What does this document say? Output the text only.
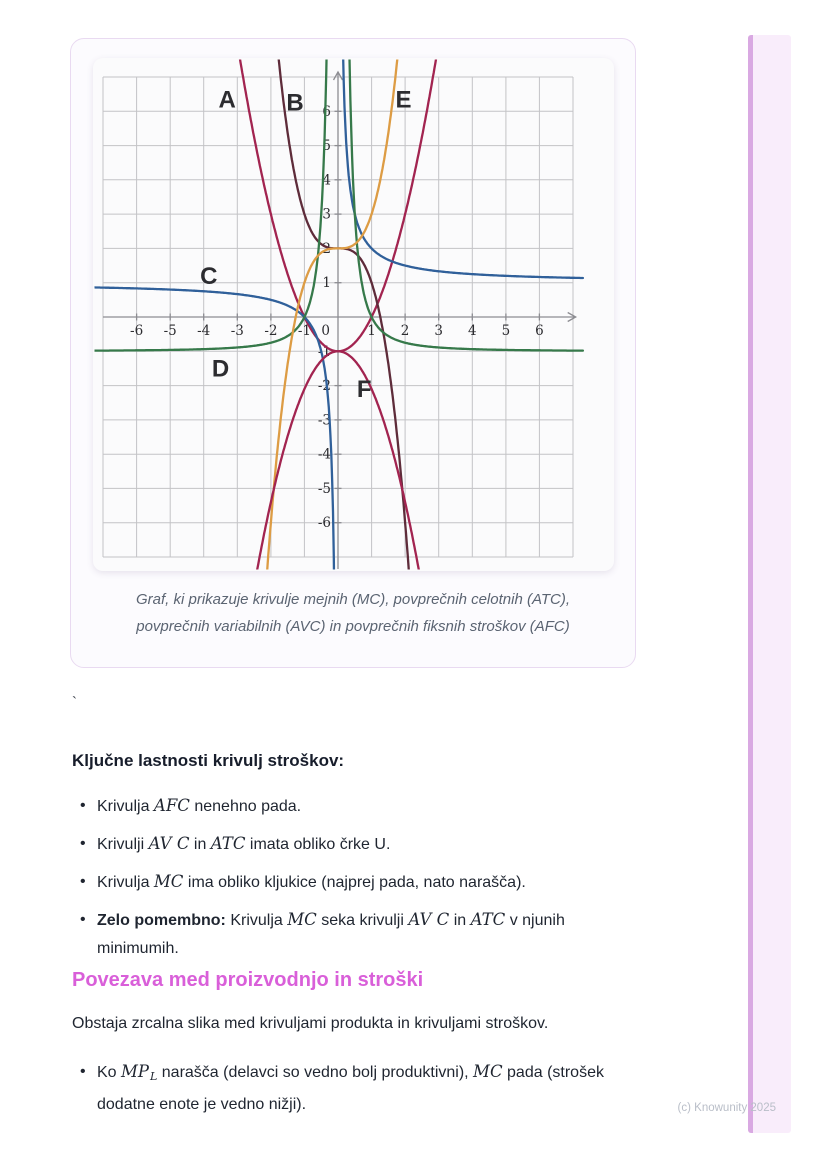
-6 -5 -4 -3 -2 -1	1 2 3 4 5 6
6
5
4
3
2
1
-1
-2
-3
-4
-5
-6
0
A B
C
D
E
F
Graf, ki prikazuje krivulje mejnih (MC), povprečnih celotnih (ATC),
povprečnih variabilnih (AVC) in povprečnih fiksnih stroškov (AFC)
`
Ključne lastnosti krivulj stroškov:
• Krivulja AFC nenehno pada.
• Krivulji AV C in ATC imata obliko črke U.
• Krivulja MC ima obliko kljukice (najprej pada, nato narašča).
• Zelo pomembno: Krivulja MC seka krivulji AV C in ATC v njunih
minimumih.
Povezava med proizvodnjo in stroški

Obstaja zrcalna slika med krivuljami produkta in krivuljami stroškov.

• Ko $MP_L$ narašča (delavci so vedno bolj produktivni), MC pada (strošek
dodatne enote je vedno nižji).	(c) Knowunity 2025
